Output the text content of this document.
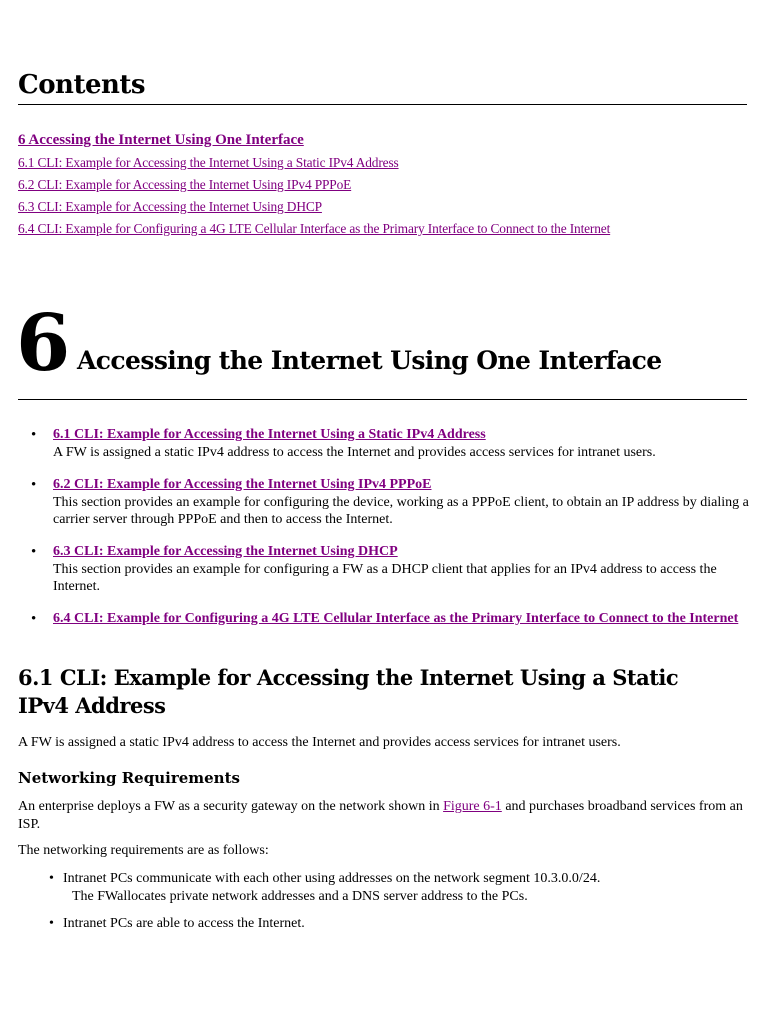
Contents
6 Accessing the Internet Using One Interface
6.1 CLI: Example for Accessing the Internet Using a Static IPv4 Address
6.2 CLI: Example for Accessing the Internet Using IPv4 PPPoE
6.3 CLI: Example for Accessing the Internet Using DHCP
6.4 CLI: Example for Configuring a 4G LTE Cellular Interface as the Primary Interface to Connect to the Internet
6 Accessing the Internet Using One Interface
• 6.1 CLI: Example for Accessing the Internet Using a Static IPv4 Address

A FW is assigned a static IPv4 address to access the Internet and provides access services for intranet users.

• 6.2 CLI: Example for Accessing the Internet Using IPv4 PPPoE

This section provides an example for configuring the device, working as a PPPoE client, to obtain an IP address by dialing a carrier server through PPPoE and then to access the Internet.

• 6.3 CLI: Example for Accessing the Internet Using DHCP

This section provides an example for configuring a FW as a DHCP client that applies for an IPv4 address to access the Internet.

• 6.4 CLI: Example for Configuring a 4G LTE Cellular Interface as the Primary Interface to Connect to the Internet
6.1 CLI: Example for Accessing the Internet Using a Static IPv4 Address

A FW is assigned a static IPv4 address to access the Internet and provides access services for intranet users.

Networking Requirements

An enterprise deploys a FW as a security gateway on the network shown in Figure 6-1 and purchases broadband services from an ISP.

The networking requirements are as follows:

• Intranet PCs communicate with each other using addresses on the network segment 10.3.0.0/24.
The FWallocates private network addresses and a DNS server address to the PCs.
• Intranet PCs are able to access the Internet.
